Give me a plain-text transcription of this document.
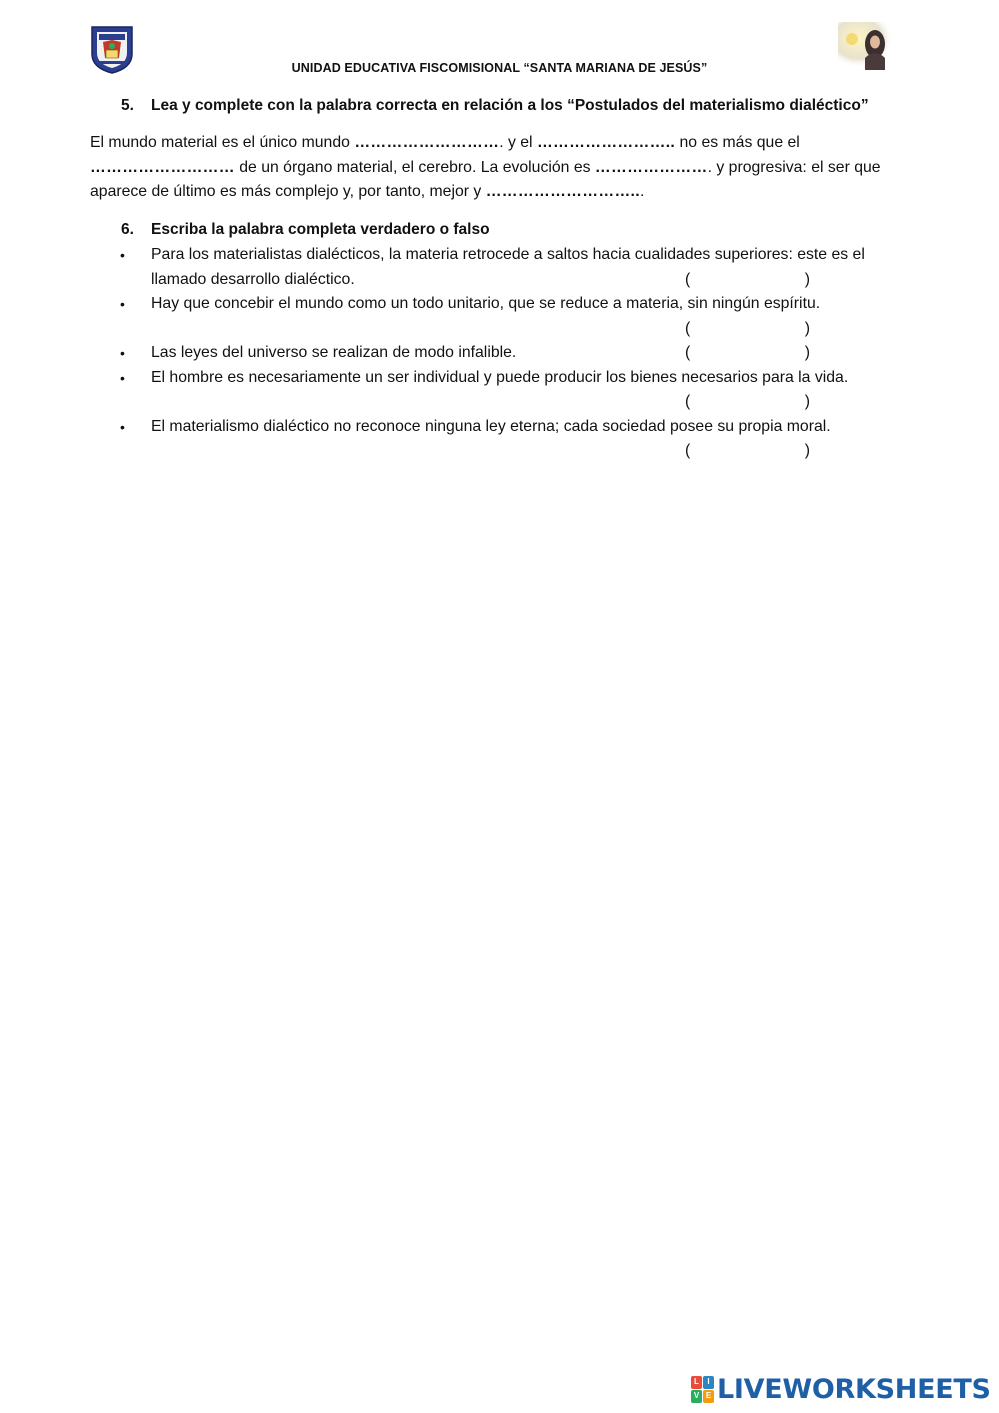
UNIDAD EDUCATIVA FISCOMISIONAL “SANTA MARIANA DE JESÚS”
5. Lea y complete con la palabra correcta en relación a los “Postulados del materialismo dialéctico”
El mundo material es el único mundo ………………………. y el …………………….. no es más que el ……………………… de un órgano material, el cerebro. La evolución es …………………. y progresiva: el ser que aparece de último es más complejo y, por tanto, mejor y ………………………...
6. Escriba la palabra completa verdadero o falso
• Para los materialistas dialécticos, la materia retrocede a saltos hacia cualidades superiores: este es el
llamado desarrollo dialéctico.	(	)
• Hay que concebir el mundo como un todo unitario, que se reduce a materia, sin ningún espíritu.
(	)
• Las leyes del universo se realizan de modo infalible.	(	)
• El hombre es necesariamente un ser individual y puede producir los bienes necesarios para la vida.
(	)
• El materialismo dialéctico no reconoce ninguna ley eterna; cada sociedad posee su propia moral.
(	)
L	I
V E LIVEWORKSHEETS
